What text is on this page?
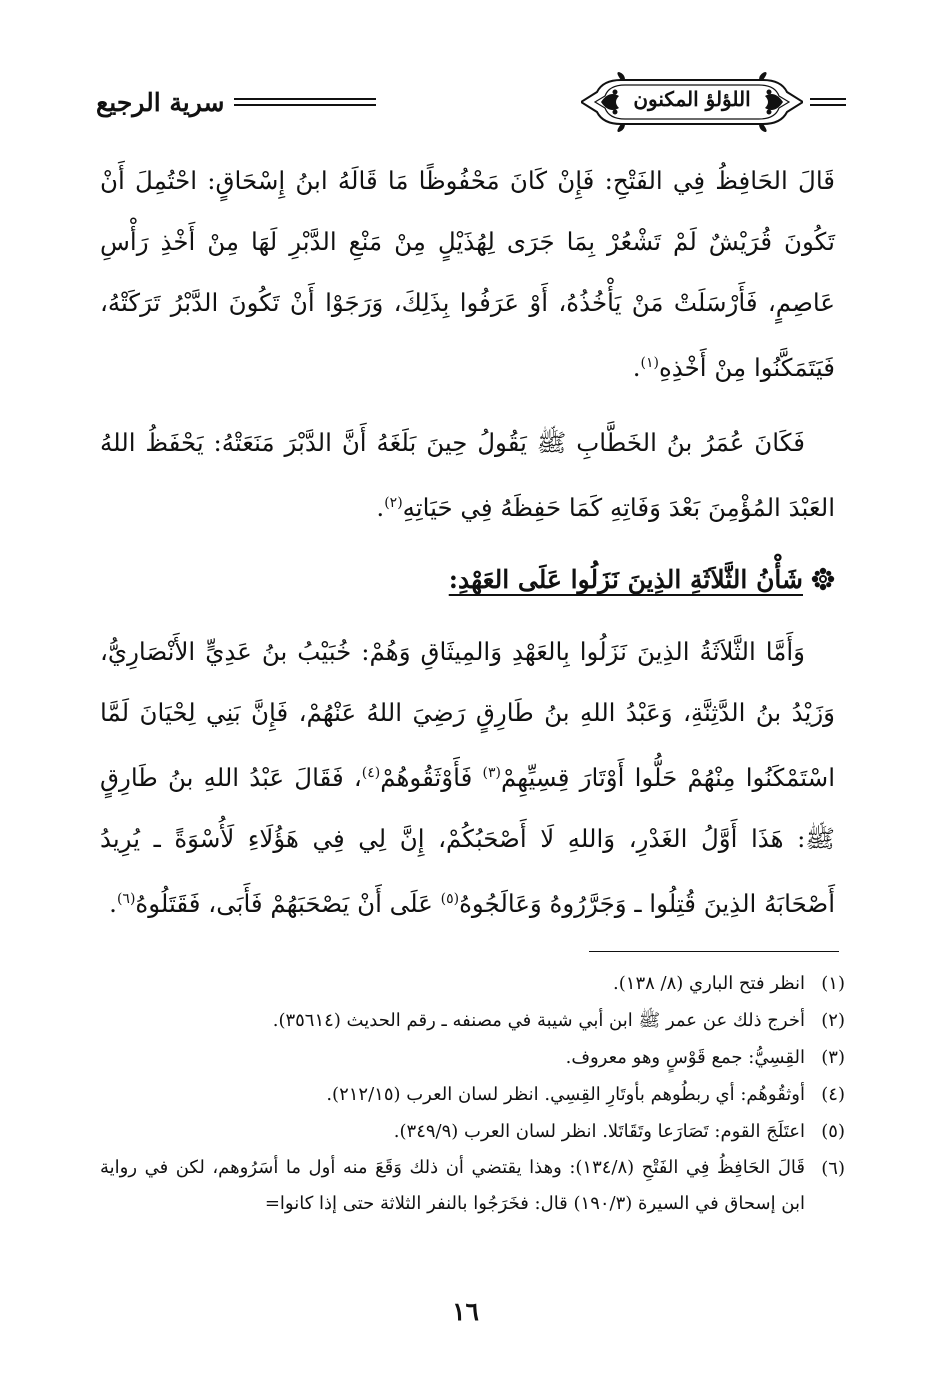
اللؤلؤ المكنون
سرية الرجيع

قَالَ الحَافِظُ فِي الفَتْحِ: فَإِنْ كَانَ مَحْفُوظًا مَا قَالَهُ ابنُ إِسْحَاقٍ: احْتُمِلَ أَنْ تَكُونَ قُرَيْشٌ لَمْ تَشْعُرْ بِمَا جَرَى لِهُذَيْلٍ مِنْ مَنْعِ الدَّبْرِ لَهَا مِنْ أَخْذِ رَأْسِ عَاصِمٍ، فَأَرْسَلَتْ مَنْ يَأْخُذُهُ، أَوْ عَرَفُوا بِذَلِكَ، وَرَجَوْا أَنْ تَكُونَ الدَّبْرُ تَرَكَتْهُ، فَيَتَمَكَّنُوا مِنْ أَخْذِهِ$^{(١)}$.

فَكَانَ عُمَرُ بنُ الخَطَّابِ ﷺ يَقُولُ حِينَ بَلَغَهُ أَنَّ الدَّبْرَ مَنَعَتْهُ: يَحْفَظُ اللهُ العَبْدَ المُؤْمِنَ بَعْدَ وَفَاتِهِ كَمَا حَفِظَهُ فِي حَيَاتِهِ$^{(٢)}$.

شَأْنُ الثَّلاَثَةِ الذِينَ نَزَلُوا عَلَى العَهْدِ:

وَأَمَّا الثَّلاَثَةُ الذِينَ نَزَلُوا بِالعَهْدِ وَالمِيثَاقِ وَهُمْ: خُبَيْبُ بنُ عَدِيٍّ الأَنْصَارِيُّ، وَزَيْدُ بنُ الدَّثِنَّةِ، وَعَبْدُ اللهِ بنُ طَارِقٍ رَضِيَ اللهُ عَنْهُمْ، فَإِنَّ بَنِي لِحْيَانَ لَمَّا اسْتَمْكَنُوا مِنْهُمْ حَلُّوا أَوْتَارَ قِسِيِّهِمْ$^{(٣)}$ فَأَوْثَقُوهُمْ$^{(٤)}$، فَقَالَ عَبْدُ اللهِ بنُ طَارِقٍ ﷺ: هَذَا أَوَّلُ الغَدْرِ، وَاللهِ لَا أَصْحَبُكُمْ، إِنَّ لِي فِي هَؤُلَاءِ لَأُسْوَةً ـ يُرِيدُ أَصْحَابَهُ الذِينَ قُتِلُوا ـ وَجَرَّرُوهُ وَعَالَجُوهُ$^{(٥)}$ عَلَى أَنْ يَصْحَبَهُمْ فَأَبَى، فَقَتَلُوهُ$^{(٦)}$.

(١)
انظر فتح الباري (٨/ ١٣٨).
(٢)
أخرج ذلك عن عمر ﷺ ابن أبي شيبة في مصنفه ـ رقم الحديث (٣٥٦١٤).
(٣)
القِسِيُّ: جمع قَوْسٍ وهو معروف.
(٤)
أوثقُوهُم: أي ربطُوهم بأوتَارِ القِسِي. انظر لسان العرب (٢١٢/١٥).
(٥)
اعتَلَجَ القوم: تَصَارَعا وتَقَاتَلا. انظر لسان العرب (٣٤٩/٩).
(٦)
قَالَ الحَافِظُ فِي الفَتْحِ (١٣٤/٨): وهذا يقتضي أن ذلك وَقَعَ منه أول ما أسَرُوهم، لكن في رواية ابن إسحاق في السيرة (١٩٠/٣) قال: فخَرَجُوا بالنفر الثلاثة حتى إذا كانوا=
١٦
